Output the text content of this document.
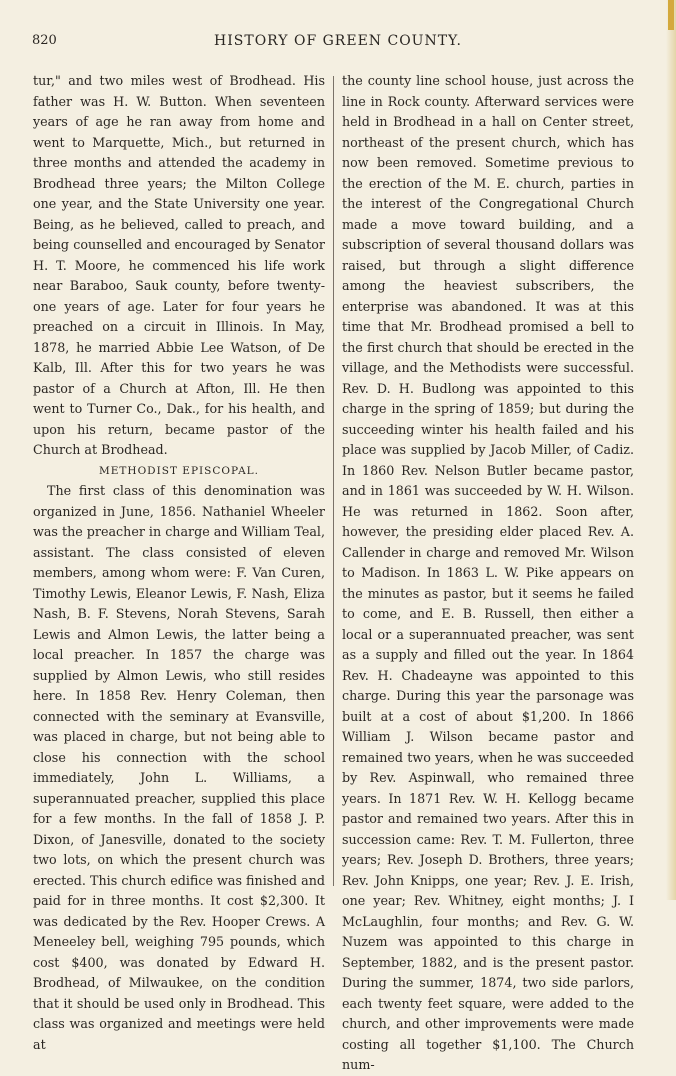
820	HISTORY OF GREEN COUNTY.

tur," and two miles west of Brodhead. His father was H. W. Button. When seventeen years of age he ran away from home and went to Marquette, Mich., but returned in three months and attended the academy in Brodhead three years; the Milton College one year, and the State University one year. Being, as he believed, called to preach, and being counselled and encouraged by Senator H. T. Moore, he commenced his life work near Baraboo, Sauk county, before twenty-one years of age. Later for four years he preached on a circuit in Illinois. In May, 1878, he married Abbie Lee Watson, of De Kalb, Ill. After this for two years he was pastor of a Church at Afton, Ill. He then went to Turner Co., Dak., for his health, and upon his return, became pastor of the Church at Brodhead.

METHODIST EPISCOPAL.

The first class of this denomination was organized in June, 1856. Nathaniel Wheeler was the preacher in charge and William Teal, assistant. The class consisted of eleven members, among whom were: F. Van Curen, Timothy Lewis, Eleanor Lewis, F. Nash, Eliza Nash, B. F. Stevens, Norah Stevens, Sarah Lewis and Almon Lewis, the latter being a local preacher. In 1857 the charge was supplied by Almon Lewis, who still resides here. In 1858 Rev. Henry Coleman, then connected with the seminary at Evansville, was placed in charge, but not being able to close his connection with the school immediately, John L. Williams, a superannuated preacher, supplied this place for a few months. In the fall of 1858 J. P. Dixon, of Janesville, donated to the society two lots, on which the present church was erected. This church edifice was finished and paid for in three months. It cost $2,300. It was dedicated by the Rev. Hooper Crews. A Meneeley bell, weighing 795 pounds, which cost $400, was donated by Edward H. Brodhead, of Milwaukee, on the condition that it should be used only in Brodhead. This class was organized and meetings were held at

the county line school house, just across the line in Rock county. Afterward services were held in Brodhead in a hall on Center street, northeast of the present church, which has now been removed. Sometime previous to the erection of the M. E. church, parties in the interest of the Congregational Church made a move toward building, and a subscription of several thousand dollars was raised, but through a slight difference among the heaviest subscribers, the enterprise was abandoned. It was at this time that Mr. Brodhead promised a bell to the first church that should be erected in the village, and the Methodists were successful. Rev. D. H. Budlong was appointed to this charge in the spring of 1859; but during the succeeding winter his health failed and his place was supplied by Jacob Miller, of Cadiz. In 1860 Rev. Nelson Butler became pastor, and in 1861 was succeeded by W. H. Wilson. He was returned in 1862. Soon after, however, the presiding elder placed Rev. A. Callender in charge and removed Mr. Wilson to Madison. In 1863 L. W. Pike appears on the minutes as pastor, but it seems he failed to come, and E. B. Russell, then either a local or a superannuated preacher, was sent as a supply and filled out the year. In 1864 Rev. H. Chadeayne was appointed to this charge. During this year the parsonage was built at a cost of about $1,200. In 1866 William J. Wilson became pastor and remained two years, when he was succeeded by Rev. Aspinwall, who remained three years. In 1871 Rev. W. H. Kellogg became pastor and remained two years. After this in succession came: Rev. T. M. Fullerton, three years; Rev. Joseph D. Brothers, three years; Rev. John Knipps, one year; Rev. J. E. Irish, one year; Rev. Whitney, eight months; J. I McLaughlin, four months; and Rev. G. W. Nuzem was appointed to this charge in September, 1882, and is the present pastor. During the summer, 1874, two side parlors, each twenty feet square, were added to the church, and other improvements were made costing all together $1,100. The Church num-
